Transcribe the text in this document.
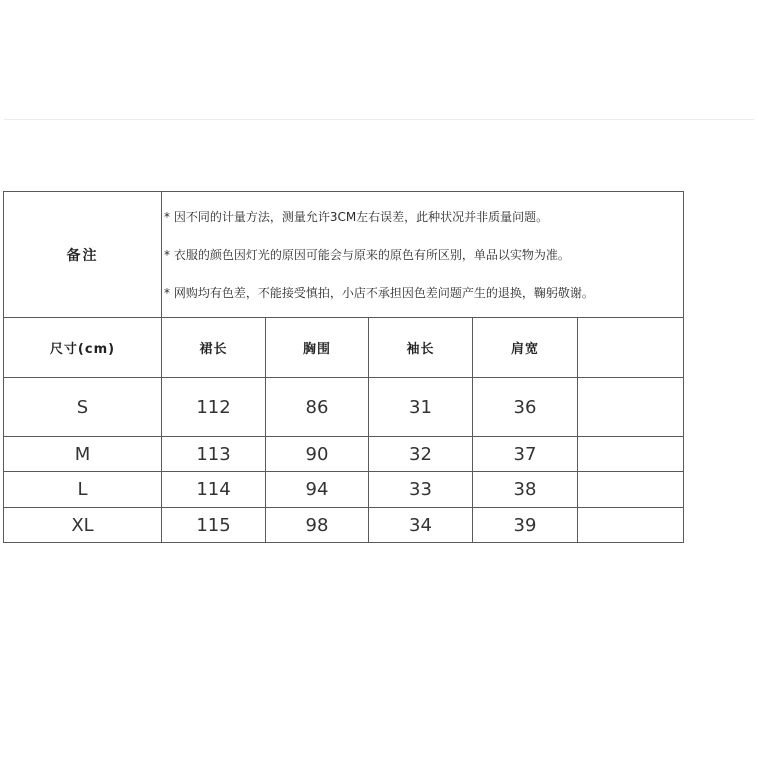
备注	* 因不同的计量方法，测量允许3CM左右误差，此种状况并非质量问题。
* 衣服的颜色因灯光的原因可能会与原来的原色有所区别，单品以实物为准。
* 网购均有色差，不能接受慎拍，小店不承担因色差问题产生的退换，鞠躬敬谢。				

尺寸(cm)	裙长	胸围	袖长	肩宽	
S	112	86	31	36	
M	113	90	32	37	
L	114	94	33	38	
XL	115	98	34	39	
